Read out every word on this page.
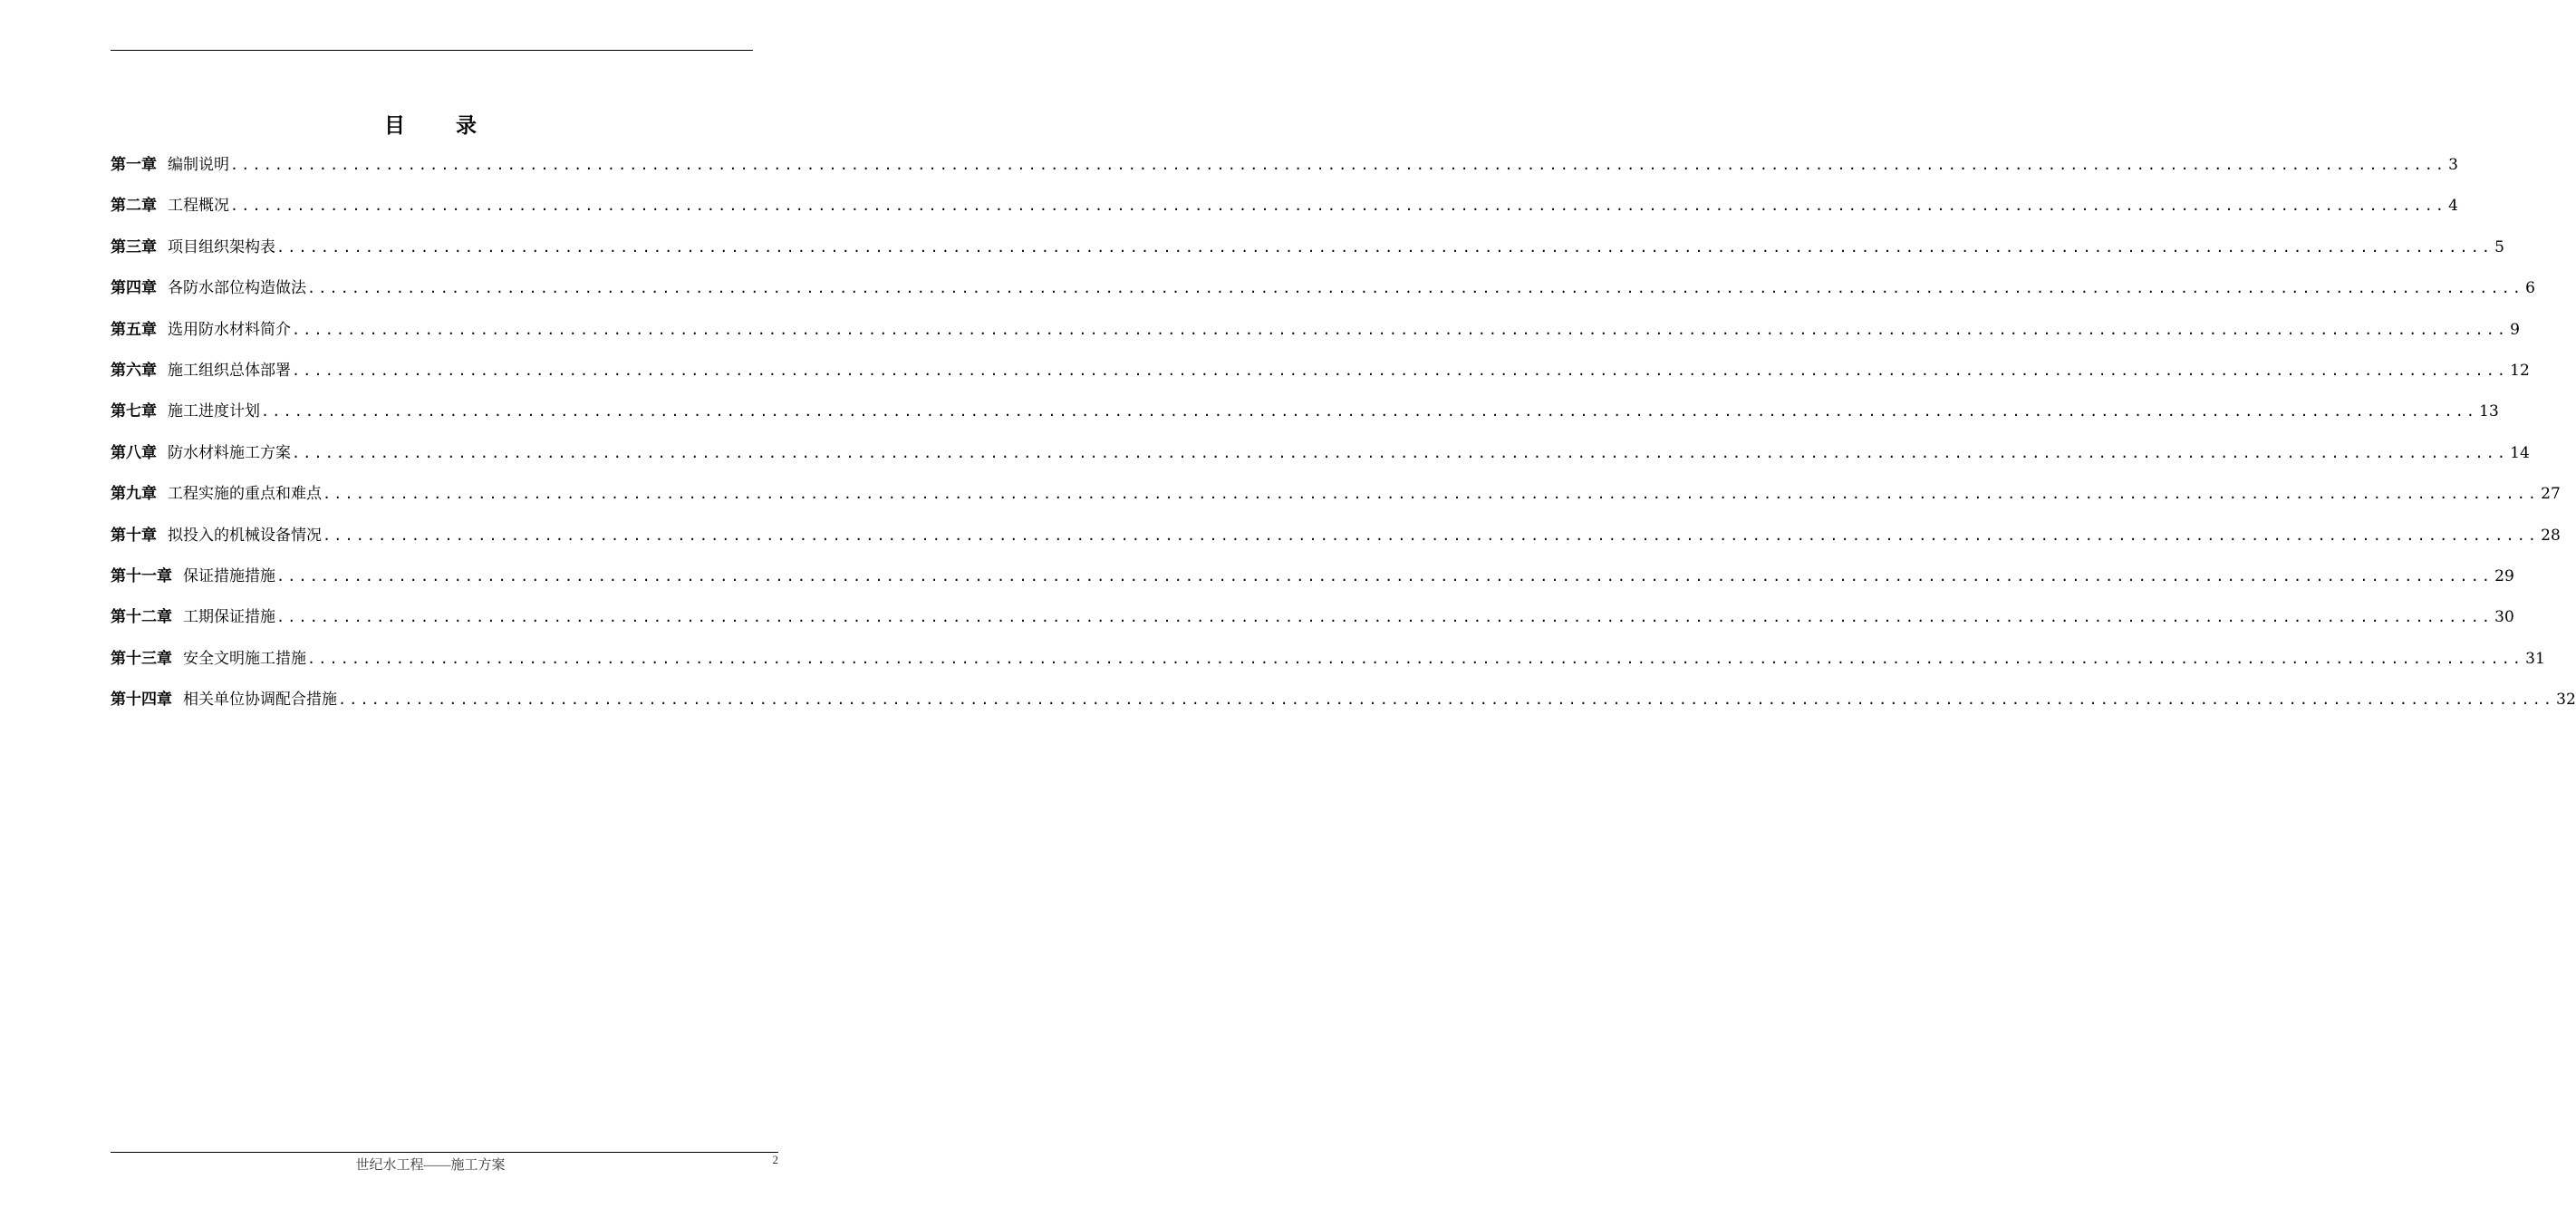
目 录
第一章 编制说明 ........................................................................................................................................................................................................ 3
第二章 工程概况 ........................................................................................................................................................................................................ 4
第三章 项目组织架构表 ........................................................................................................................................................................................................ 5
第四章 各防水部位构造做法 ........................................................................................................................................................................................................ 6
第五章 选用防水材料简介 ........................................................................................................................................................................................................ 9
第六章 施工组织总体部署 ........................................................................................................................................................................................................ 12
第七章 施工进度计划 ........................................................................................................................................................................................................ 13
第八章 防水材料施工方案 ........................................................................................................................................................................................................ 14
第九章 工程实施的重点和难点 ........................................................................................................................................................................................................ 27
第十章 拟投入的机械设备情况 ........................................................................................................................................................................................................ 28
第十一章 保证措施措施 ........................................................................................................................................................................................................ 29
第十二章 工期保证措施 ........................................................................................................................................................................................................ 30
第十三章 安全文明施工措施 ........................................................................................................................................................................................................ 31
第十四章 相关单位协调配合措施 ........................................................................................................................................................................................................ 32
世纪水工程——施工方案	2
